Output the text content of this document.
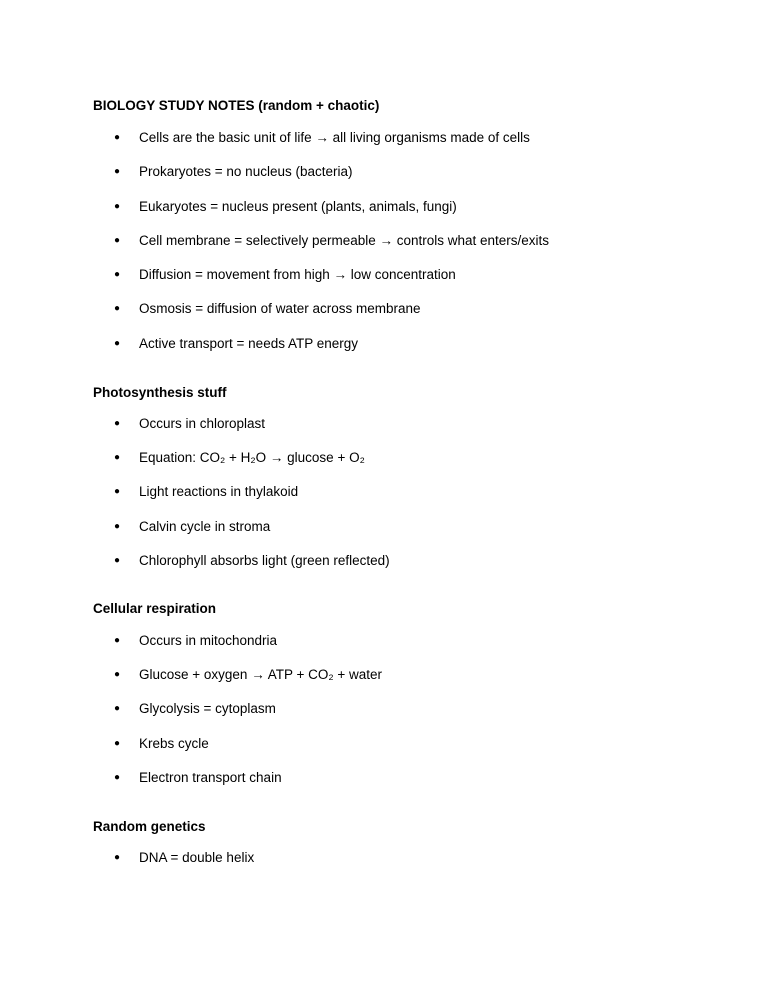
BIOLOGY STUDY NOTES (random + chaotic)
●	Cells are the basic unit of life → all living organisms made of cells
●	Prokaryotes = no nucleus (bacteria)
●	Eukaryotes = nucleus present (plants, animals, fungi)
●	Cell membrane = selectively permeable → controls what enters/exits
●	Diffusion = movement from high → low concentration
●	Osmosis = diffusion of water across membrane
●	Active transport = needs ATP energy
Photosynthesis stuff
●	Occurs in chloroplast
●	Equation: CO₂ + H₂O → glucose + O₂
●	Light reactions in thylakoid
●	Calvin cycle in stroma
●	Chlorophyll absorbs light (green reflected)
Cellular respiration
●	Occurs in mitochondria
●	Glucose + oxygen → ATP + CO₂ + water
●	Glycolysis = cytoplasm
●	Krebs cycle
●	Electron transport chain
Random genetics
●	DNA = double helix
